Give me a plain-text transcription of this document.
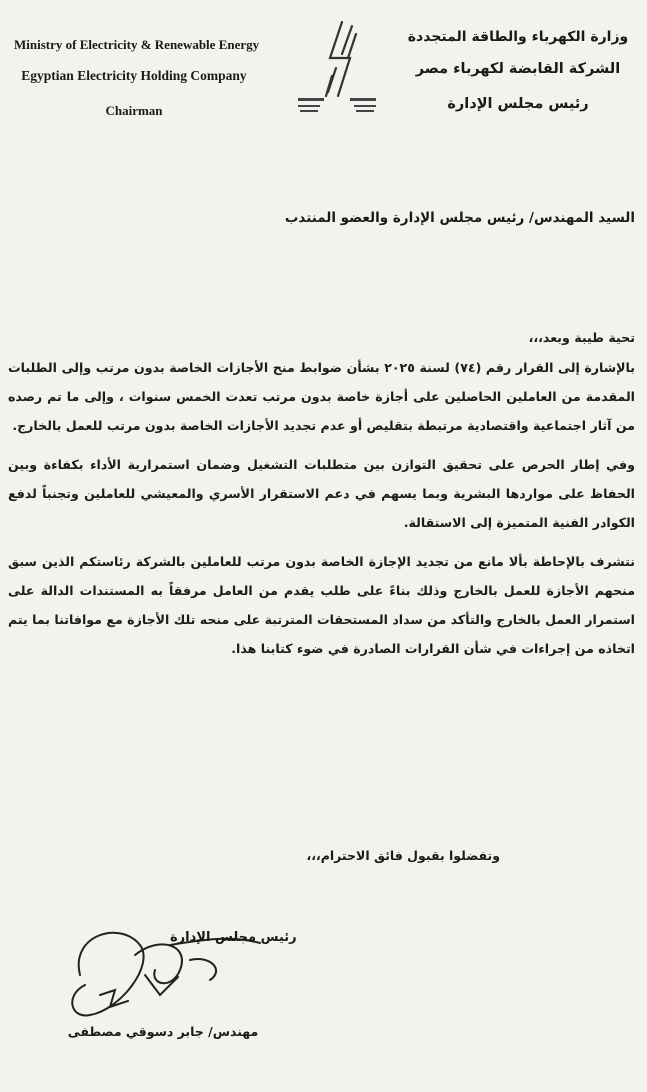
Ministry of Electricity & Renewable Energy
Egyptian Electricity Holding Company
Chairman
وزارة الكهرباء والطاقة المتجددة
الشركة القابضة لكهرباء مصر
رئيس مجلس الإدارة
السيد المهندس/ رئيس مجلس الإدارة والعضو المنتدب
تحية طيبة وبعد،،،

بالإشارة إلى القرار رقم (٧٤) لسنة ٢٠٢٥ بشأن ضوابط منح الأجازات الخاصة بدون مرتب وإلى الطلبات المقدمة من العاملين الحاصلين على أجازة خاصة بدون مرتب تعدت الخمس سنوات ، وإلى ما تم رصده من آثار اجتماعية واقتصادية مرتبطة بتقليص أو عدم تجديد الأجازات الخاصة بدون مرتب للعمل بالخارج.

وفي إطار الحرص على تحقيق التوازن بين متطلبات التشغيل وضمان استمرارية الأداء بكفاءة وبين الحفاظ على مواردها البشرية وبما يسهم في دعم الاستقرار الأسري والمعيشي للعاملين وتجنباً لدفع الكوادر الفنية المتميزة إلى الاستقالة.

نتشرف بالإحاطة بألا مانع من تجديد الإجازة الخاصة بدون مرتب للعاملين بالشركة رئاستكم الذين سبق منحهم الأجازة للعمل بالخارج وذلك بناءً على طلب يقدم من العامل مرفقاً به المستندات الدالة على استمرار العمل بالخارج والتأكد من سداد المستحقات المترتبة على منحه تلك الأجازة مع موافاتنا بما يتم اتخاذه من إجراءات في شأن القرارات الصادرة في ضوء كتابنا هذا.

وتفضلوا بقبول فائق الاحترام،،،
رئيس مجلس الإدارة
مهندس/ جابر دسوقي مصطفى
